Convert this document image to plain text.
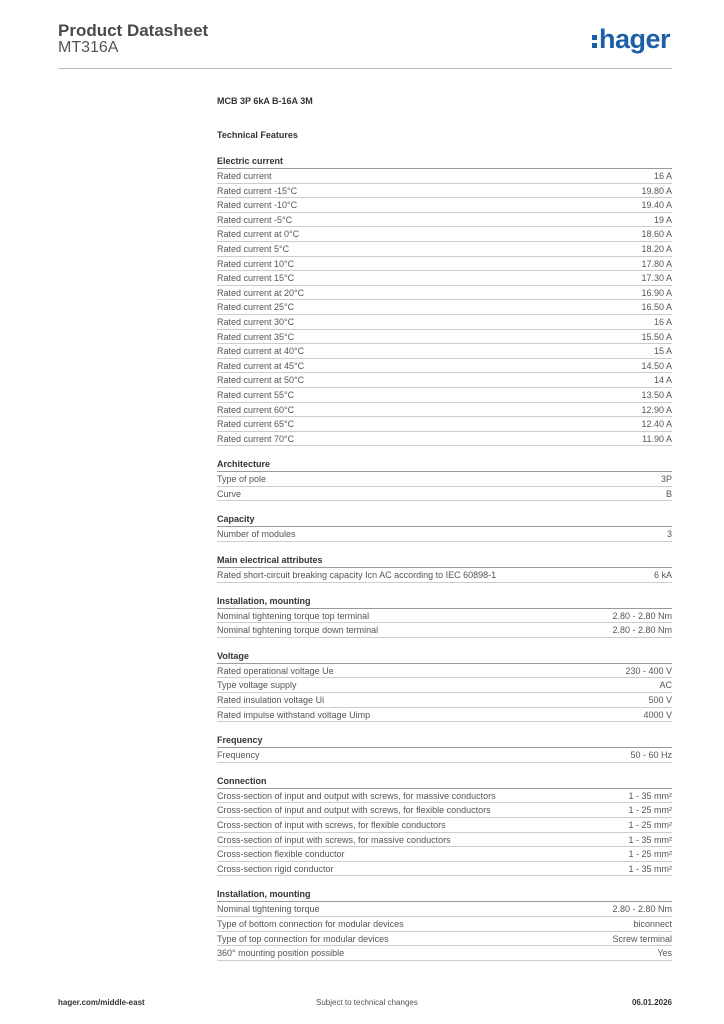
Product Datasheet
MT316A	hager
MCB 3P 6kA B-16A 3M
Technical Features
Electric current
Rated current	16 A
Rated current -15°C	19.80 A
Rated current -10°C	19.40 A
Rated current -5°C	19 A
Rated current at 0°C	18.60 A
Rated current 5°C	18.20 A
Rated current 10°C	17.80 A
Rated current 15°C	17.30 A
Rated current at 20°C	16.90 A
Rated current 25°C	16.50 A
Rated current 30°C	16 A
Rated current 35°C	15.50 A
Rated current at 40°C	15 A
Rated current at 45°C	14.50 A
Rated current at 50°C	14 A
Rated current 55°C	13.50 A
Rated current 60°C	12.90 A
Rated current 65°C	12.40 A
Rated current 70°C	11.90 A
Architecture
Type of pole	3P
Curve	B
Capacity
Number of modules	3
Main electrical attributes
Rated short-circuit breaking capacity Icn AC according to IEC 60898-1	6 kA
Installation, mounting
Nominal tightening torque top terminal	2.80 - 2.80 Nm
Nominal tightening torque down terminal	2.80 - 2.80 Nm
Voltage
Rated operational voltage Ue	230 - 400 V
Type voltage supply	AC
Rated insulation voltage Ui	500 V
Rated impulse withstand voltage Uimp	4000 V
Frequency
Frequency	50 - 60 Hz
Connection
Cross-section of input and output with screws, for massive conductors	1 - 35 mm²
Cross-section of input and output with screws, for flexible conductors	1 - 25 mm²
Cross-section of input with screws, for flexible conductors	1 - 25 mm²
Cross-section of input with screws, for massive conductors	1 - 35 mm²
Cross-section flexible conductor	1 - 25 mm²
Cross-section rigid conductor	1 - 35 mm²
Installation, mounting
Nominal tightening torque	2.80 - 2.80 Nm
Type of bottom connection for modular devices	biconnect
Type of top connection for modular devices	Screw terminal
360° mounting position possible	Yes
hager.com/middle-east	Subject to technical changes	06.01.2026
